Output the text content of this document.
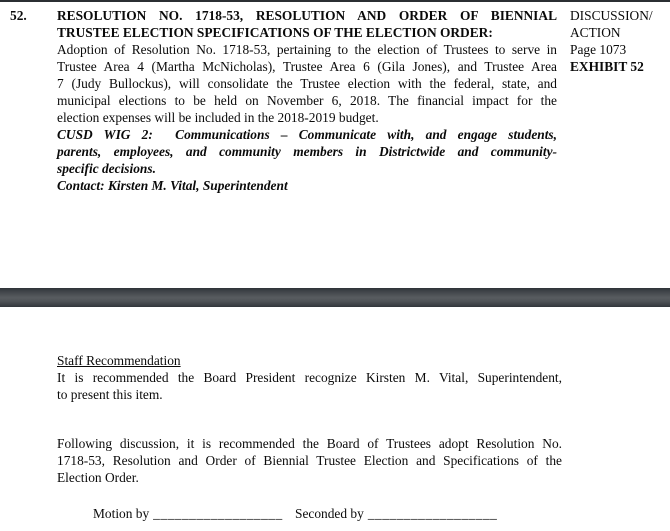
52.	RESOLUTION NO. 1718-53, RESOLUTION AND ORDER OF BIENNIAL
TRUSTEE ELECTION SPECIFICATIONS OF THE ELECTION ORDER:
Adoption of Resolution No. 1718-53, pertaining to the election of Trustees to serve in
Trustee Area 4 (Martha McNicholas), Trustee Area 6 (Gila Jones), and Trustee Area
7 (Judy Bullockus), will consolidate the Trustee election with the federal, state, and
municipal elections to be held on November 6, 2018. The financial impact for the
election expenses will be included in the 2018-2019 budget.
CUSD WIG 2:  Communications – Communicate with, and engage students,
parents, employees, and community members in Districtwide and community-
specific decisions.
Contact: Kirsten M. Vital, Superintendent
DISCUSSION/
ACTION
Page 1073
EXHIBIT 52
Staff Recommendation
It is recommended the Board President recognize Kirsten M. Vital, Superintendent,
to present this item.
Following discussion, it is recommended the Board of Trustees adopt Resolution No.
1718-53, Resolution and Order of Biennial Trustee Election and Specifications of the
Election Order.
Motion by __________________ Seconded by __________________
